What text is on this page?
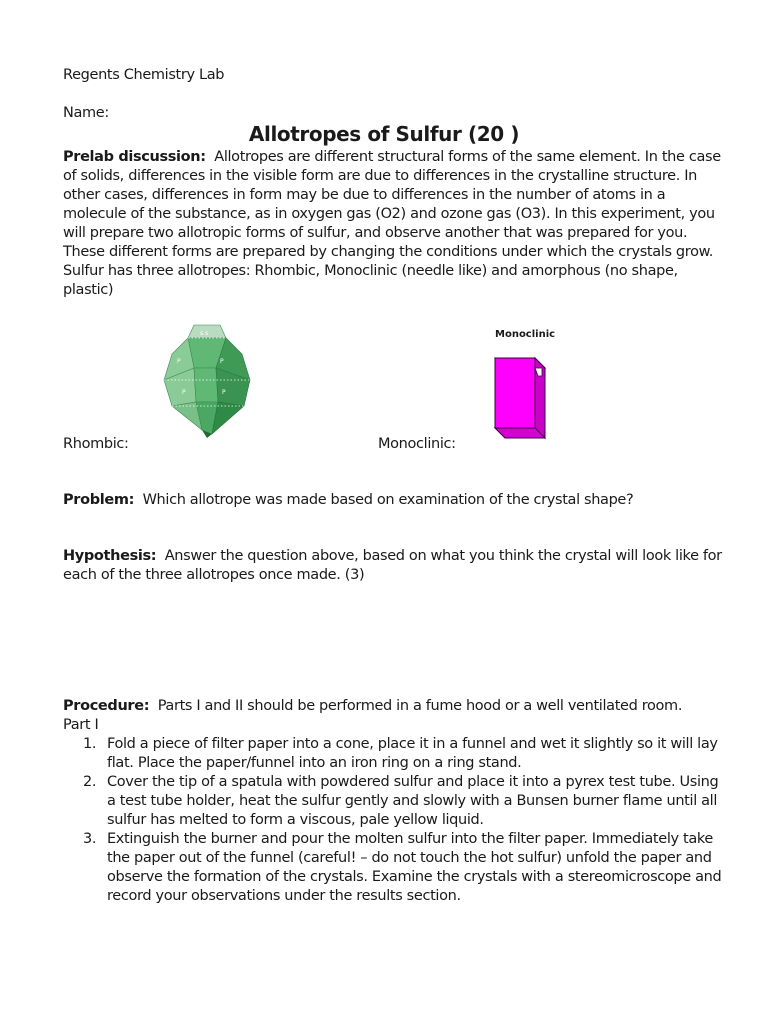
Regents Chemistry Lab
Name:
Allotropes of Sulfur (20 )
Prelab discussion: Allotropes are different structural forms of the same element. In the case
of solids, differences in the visible form are due to differences in the crystalline structure. In
other cases, differences in form may be due to differences in the number of atoms in a
molecule of the substance, as in oxygen gas (O2) and ozone gas (O3). In this experiment, you
will prepare two allotropic forms of sulfur, and observe another that was prepared for you.
These different forms are prepared by changing the conditions under which the crystals grow.
Sulfur has three allotropes: Rhombic, Monoclinic (needle like) and amorphous (no shape,
plastic)
s s
P	P
P	P
Monoclinic
Rhombic:	Monoclinic:
Problem: Which allotrope was made based on examination of the crystal shape?
Hypothesis: Answer the question above, based on what you think the crystal will look like for
each of the three allotropes once made. (3)
Procedure: Parts I and II should be performed in a fume hood or a well ventilated room.
Part I
1. Fold a piece of filter paper into a cone, place it in a funnel and wet it slightly so it will lay
flat. Place the paper/funnel into an iron ring on a ring stand.
2. Cover the tip of a spatula with powdered sulfur and place it into a pyrex test tube. Using
a test tube holder, heat the sulfur gently and slowly with a Bunsen burner flame until all
sulfur has melted to form a viscous, pale yellow liquid.
3. Extinguish the burner and pour the molten sulfur into the filter paper. Immediately take
the paper out of the funnel (careful! – do not touch the hot sulfur) unfold the paper and
observe the formation of the crystals. Examine the crystals with a stereomicroscope and
record your observations under the results section.
